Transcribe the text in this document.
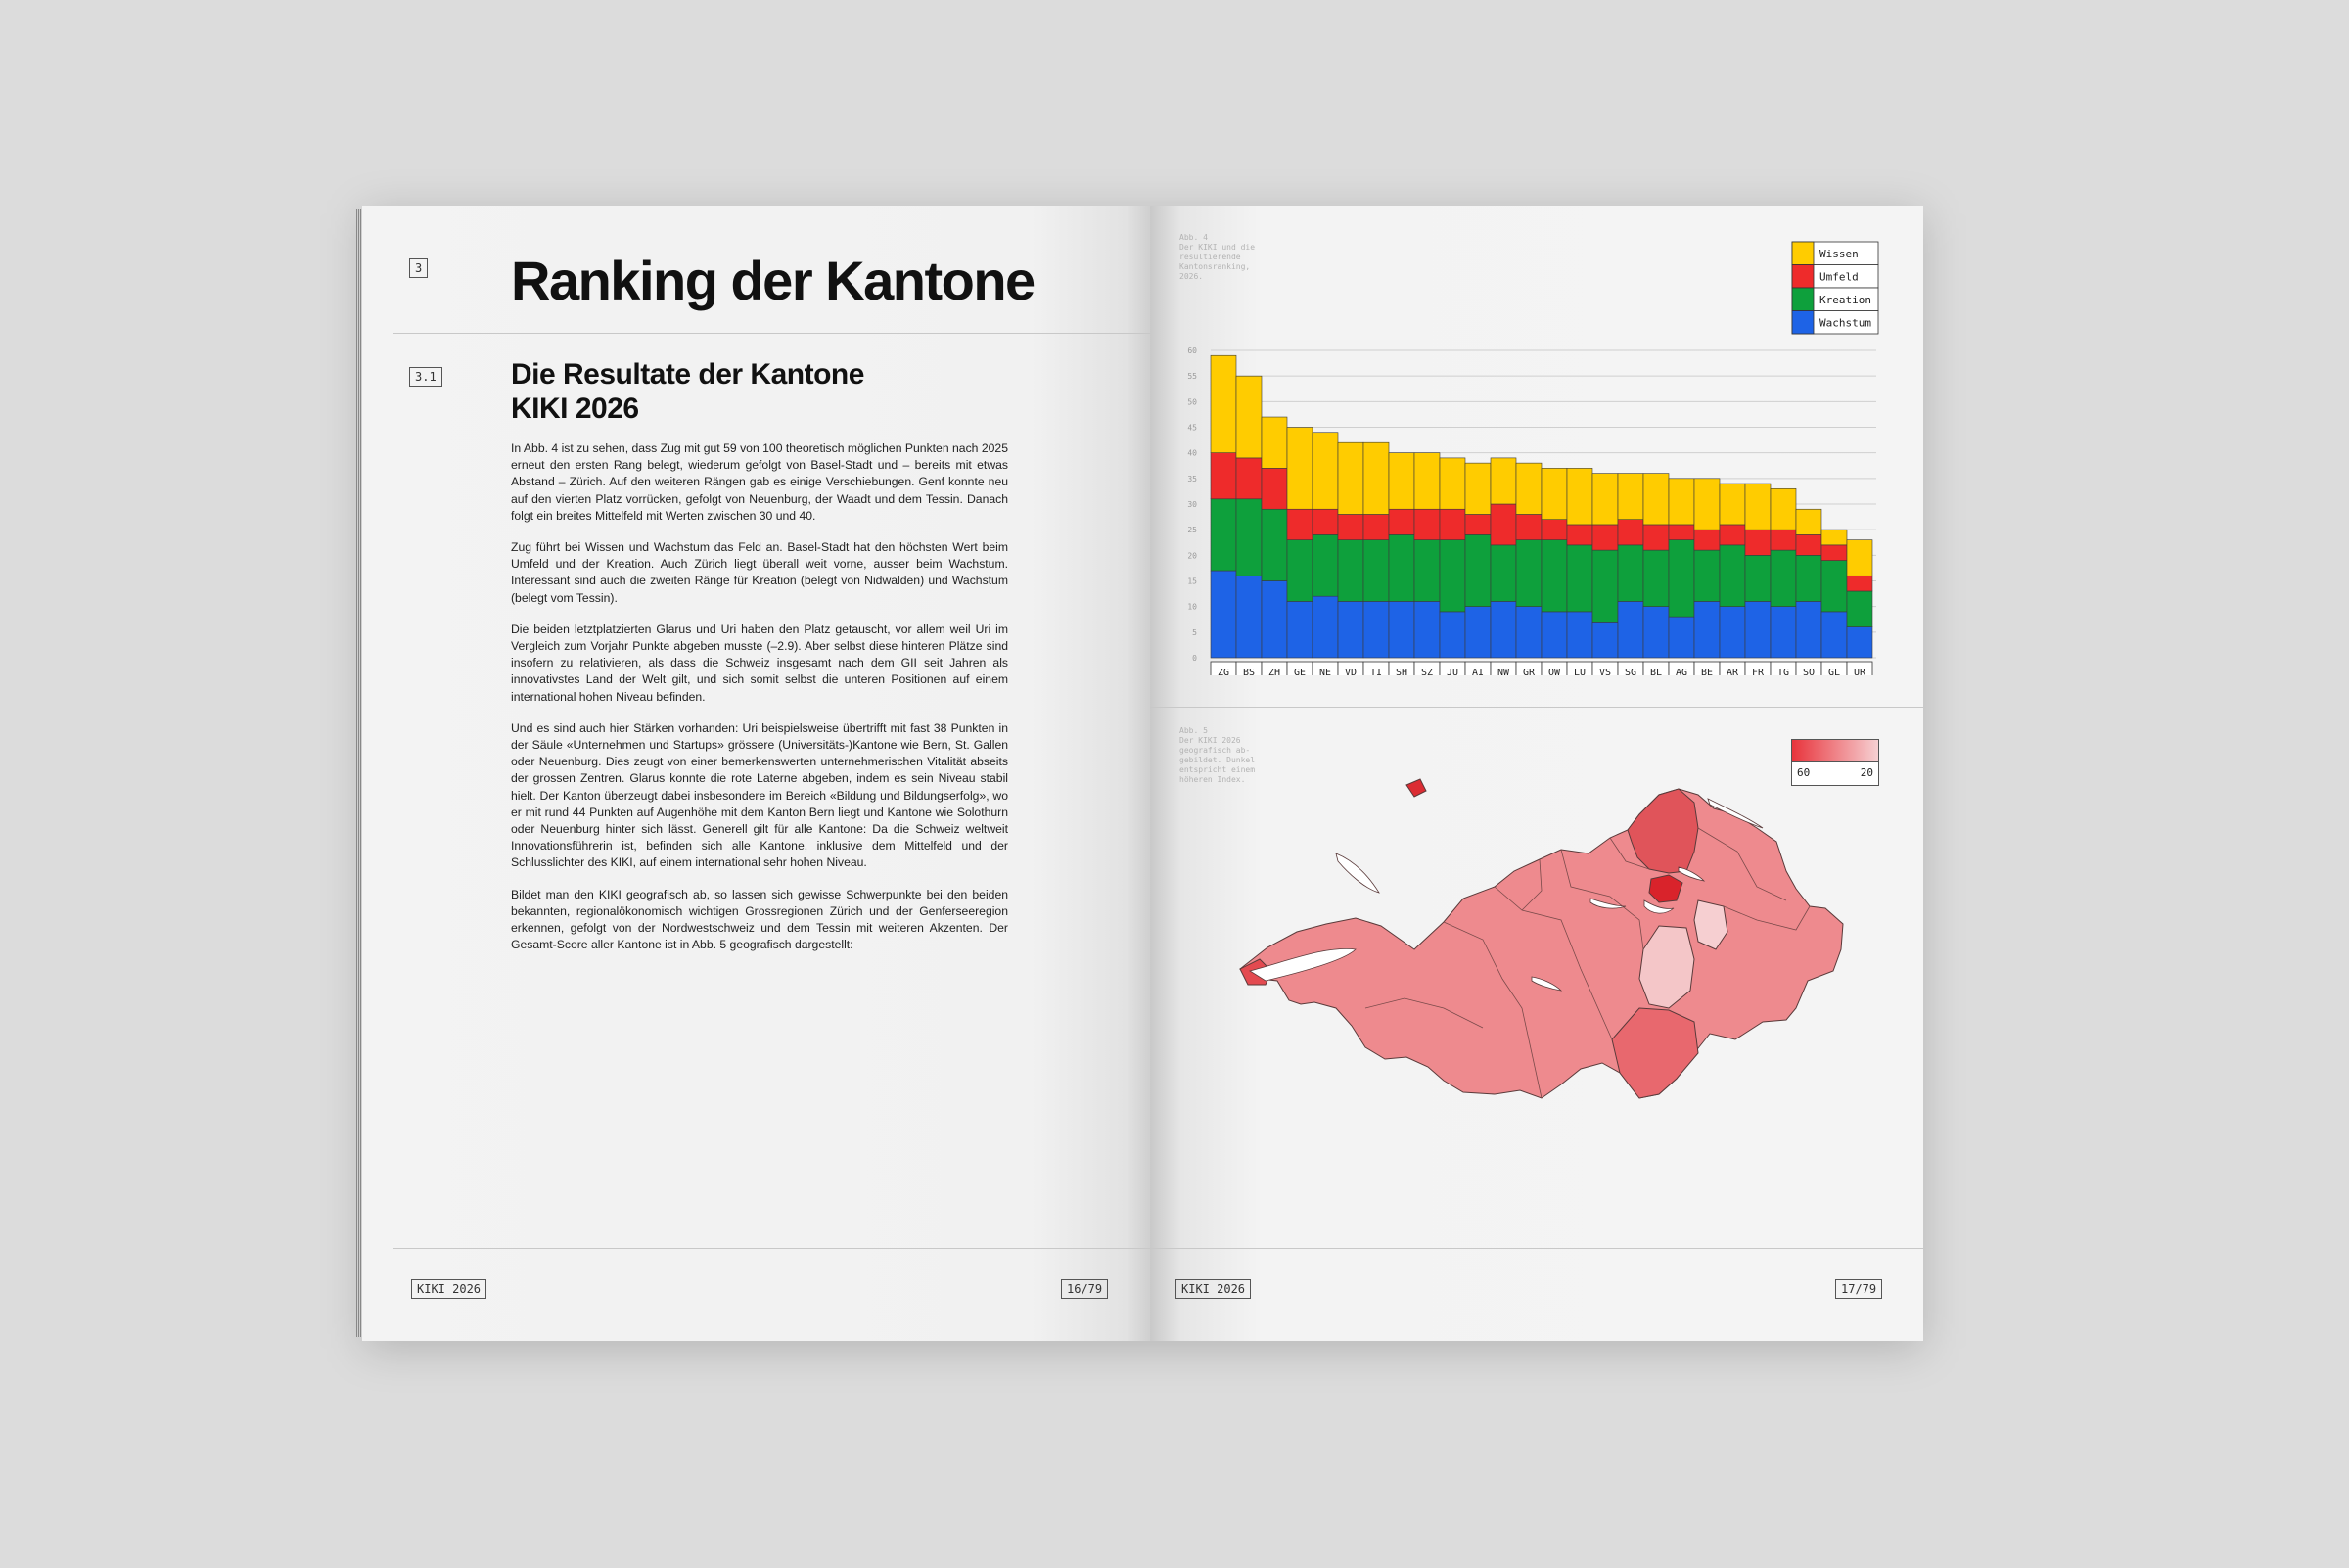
3 Ranking der Kantone
3.1	Die Resultate der Kantone
KIKI 2026

In Abb. 4 ist zu sehen, dass Zug mit gut 59 von 100 theoretisch möglichen Punkten nach 2025 erneut den ersten Rang belegt, wiederum gefolgt von Basel-Stadt und – bereits mit etwas Abstand – Zürich. Auf den weiteren Rängen gab es einige Verschiebungen. Genf konnte neu auf den vierten Platz vorrücken, gefolgt von Neuenburg, der Waadt und dem Tessin. Danach folgt ein breites Mittelfeld mit Werten zwischen 30 und 40.

Zug führt bei Wissen und Wachstum das Feld an. Basel-Stadt hat den höchsten Wert beim Umfeld und der Kreation. Auch Zürich liegt überall weit vorne, ausser beim Wachstum. Interessant sind auch die zweiten Ränge für Kreation (belegt von Nidwalden) und Wachstum (belegt vom Tessin).

Die beiden letztplatzierten Glarus und Uri haben den Platz getauscht, vor allem weil Uri im Vergleich zum Vorjahr Punkte abgeben musste (–2.9). Aber selbst diese hinteren Plätze sind insofern zu relativieren, als dass die Schweiz insgesamt nach dem GII seit Jahren als innovativstes Land der Welt gilt, und sich somit selbst die unteren Positionen auf einem international hohen Niveau befinden.

Und es sind auch hier Stärken vorhanden: Uri beispielsweise übertrifft mit fast 38 Punkten in der Säule «Unternehmen und Startups» grössere (Universitäts-)Kantone wie Bern, St. Gallen oder Neuenburg. Dies zeugt von einer bemerkenswerten unternehmerischen Vitalität abseits der grossen Zentren. Glarus konnte die rote Laterne abgeben, indem es sein Niveau stabil hielt. Der Kanton überzeugt dabei insbesondere im Bereich «Bildung und Bildungserfolg», wo er mit rund 44 Punkten auf Augenhöhe mit dem Kanton Bern liegt und Kantone wie Solothurn oder Neuenburg hinter sich lässt. Generell gilt für alle Kantone: Da die Schweiz weltweit Innovationsführerin ist, befinden sich alle Kantone, inklusive dem Mittelfeld und der Schlusslichter des KIKI, auf einem international sehr hohen Niveau.

Bildet man den KIKI geografisch ab, so lassen sich gewisse Schwerpunkte bei den beiden bekannten, regionalökonomisch wichtigen Grossregionen Zürich und der Genferseeregion erkennen, gefolgt von der Nordwestschweiz und dem Tessin mit weiteren Akzenten. Der Gesamt-Score aller Kantone ist in Abb. 5 geografisch dargestellt:

KIKI 2026	16/79
Abb. 4
Der KIKI und die
resultierende
Kantonsranking,
2026.
0
5
10
15
20
25
30
35
40
45
50
55
60
ZG BS ZH GE NE VD TI SH SZ JU AI NW GR OW LU VS SG BL AG BE AR FR TG SO GL UR
Wissen
Umfeld
Kreation
Wachstum
Abb. 5
Der KIKI 2026
geografisch ab-
gebildet. Dunkel
entspricht einem
höheren Index.
60	20
KIKI 2026	17/79
